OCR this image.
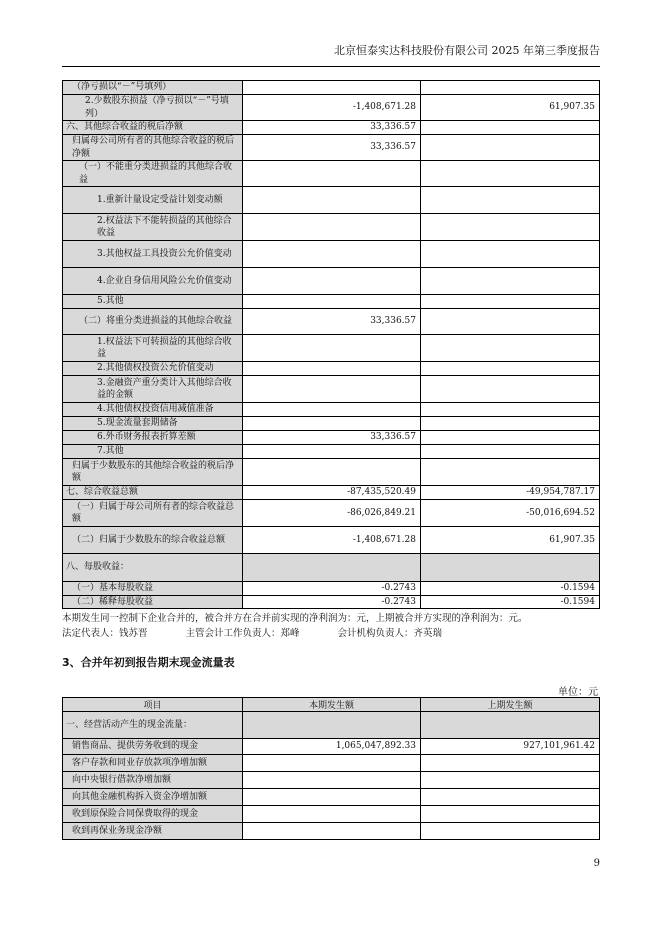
北京恒泰实达科技股份有限公司 2025 年第三季度报告
（净亏损以“－”号填列）		
2.少数股东损益（净亏损以“－”号填列）	-1,408,671.28	61,907.35
六、其他综合收益的税后净额	33,336.57	
归属母公司所有者的其他综合收益的税后净额	33,336.57	
（一）不能重分类进损益的其他综合收益		
1.重新计量设定受益计划变动额		
2.权益法下不能转损益的其他综合收益		
3.其他权益工具投资公允价值变动		
4.企业自身信用风险公允价值变动		
5.其他		
（二）将重分类进损益的其他综合收益	33,336.57	
1.权益法下可转损益的其他综合收益		
2.其他债权投资公允价值变动		
3.金融资产重分类计入其他综合收益的金额		
4.其他债权投资信用减值准备		
5.现金流量套期储备		
6.外币财务报表折算差额	33,336.57	
7.其他		
归属于少数股东的其他综合收益的税后净额		
七、综合收益总额	-87,435,520.49	-49,954,787.17
（一）归属于母公司所有者的综合收益总额	-86,026,849.21	-50,016,694.52
（二）归属于少数股东的综合收益总额	-1,408,671.28	61,907.35
八、每股收益：		
（一）基本每股收益	-0.2743	-0.1594
（二）稀释每股收益	-0.2743	-0.1594
本期发生同一控制下企业合并的，被合并方在合并前实现的净利润为：元，上期被合并方实现的净利润为：元。
法定代表人：钱苏晋　　　　主管会计工作负责人：郑峰　　　　会计机构负责人：齐英瑞
3、合并年初到报告期末现金流量表
单位：元
项目	本期发生额	上期发生额
一、经营活动产生的现金流量：		
销售商品、提供劳务收到的现金	1,065,047,892.33	927,101,961.42
客户存款和同业存放款项净增加额		
向中央银行借款净增加额		
向其他金融机构拆入资金净增加额		
收到原保险合同保费取得的现金		
收到再保业务现金净额		
9
